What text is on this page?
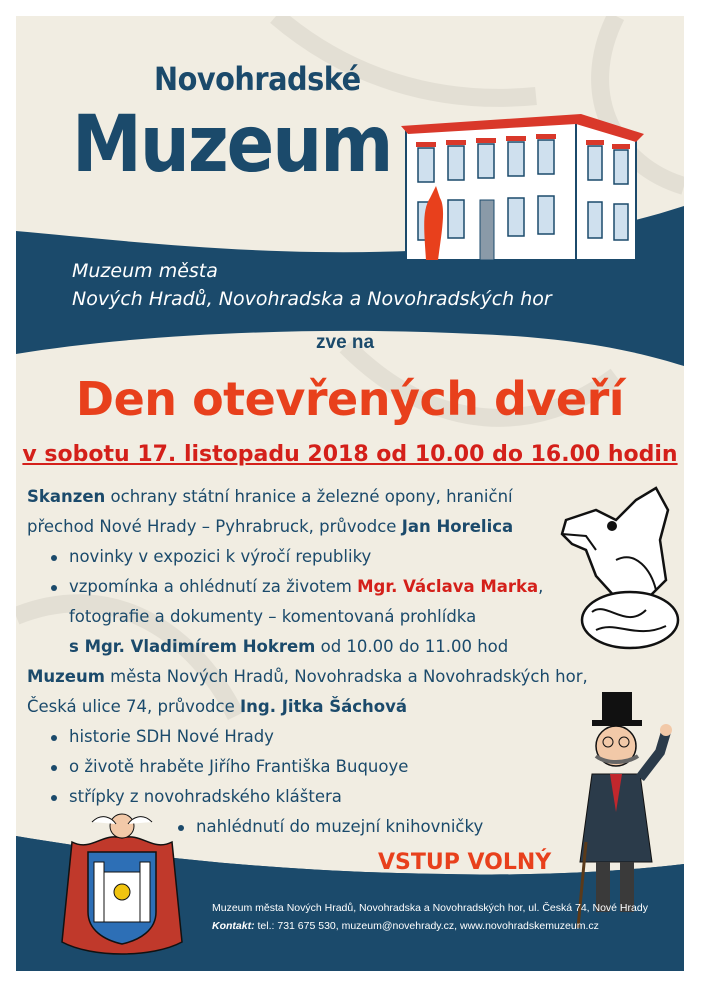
Novohradské
Muzeum
Muzeum města
Nových Hradů, Novohradska a Novohradských hor
zve na
Den otevřených dveří
v sobotu 17. listopadu 2018 od 10.00 do 16.00 hodin
Skanzen ochrany státní hranice a železné opony, hraniční
přechod Nové Hrady – Pyhrabruck, průvodce Jan Horelica
novinky v expozici k výročí republiky
vzpomínka a ohlédnutí za životem Mgr. Václava Marka,
fotografie a dokumenty – komentovaná prohlídka
s Mgr. Vladimírem Hokrem od 10.00 do 11.00 hod
Muzeum města Nových Hradů, Novohradska a Novohradských hor,
Česká ulice 74, průvodce Ing. Jitka Šáchová
historie SDH Nové Hrady
o životě hraběte Jiřího Františka Buquoye
střípky z novohradského kláštera
nahlédnutí do muzejní knihovničky
VSTUP VOLNÝ
Muzeum města Nových Hradů, Novohradska a Novohradských hor, ul. Česká 74, Nové Hrady
Kontakt: tel.: 731 675 530, muzeum@novehrady.cz, www.novohradskemuzeum.cz
